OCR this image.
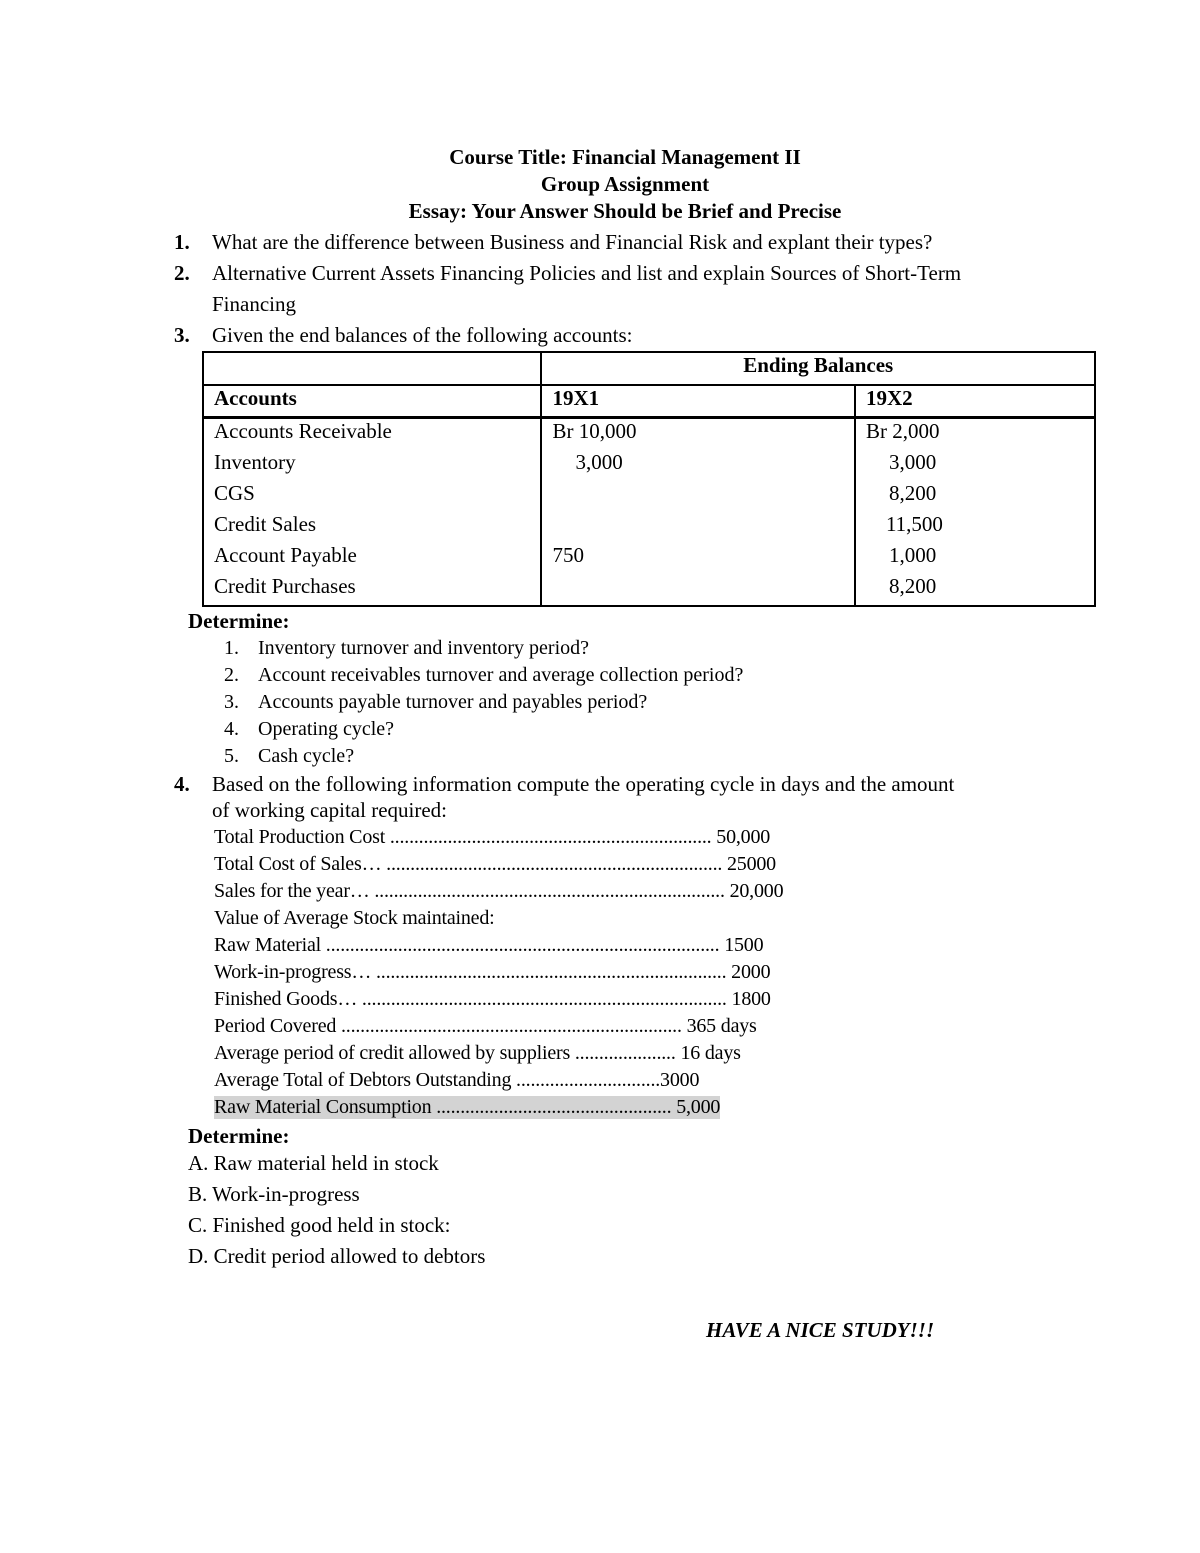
Course Title: Financial Management II
Group Assignment
Essay: Your Answer Should be Brief and Precise
1. What are the difference between Business and Financial Risk and explant their types?
2. Alternative Current Assets Financing Policies and list and explain Sources of Short-Term
Financing
3. Given the end balances of the following accounts:
	Ending Balances	
Accounts	19X1	19X2
Accounts Receivable	Br 10,000	Br 2,000
Inventory	3,000	3,000
CGS		8,200
Credit Sales		11,500
Account Payable	750	1,000
Credit Purchases		8,200
Determine:
1. Inventory turnover and inventory period?
2. Account receivables turnover and average collection period?
3. Accounts payable turnover and payables period?
4. Operating cycle?
5. Cash cycle?
4. Based on the following information compute the operating cycle in days and the amount
of working capital required:
Total Production Cost ................................................................... 50,000
Total Cost of Sales… ...................................................................... 25000
Sales for the year… ......................................................................... 20,000
Value of Average Stock maintained:
Raw Material .................................................................................. 1500
Work-in-progress… ......................................................................... 2000
Finished Goods… ............................................................................ 1800
Period Covered ....................................................................... 365 days
Average period of credit allowed by suppliers ..................... 16 days
Average Total of Debtors Outstanding ..............................3000
Raw Material Consumption ................................................. 5,000
Determine:
A. Raw material held in stock
B. Work-in-progress
C. Finished good held in stock:
D. Credit period allowed to debtors
HAVE A NICE STUDY!!!
